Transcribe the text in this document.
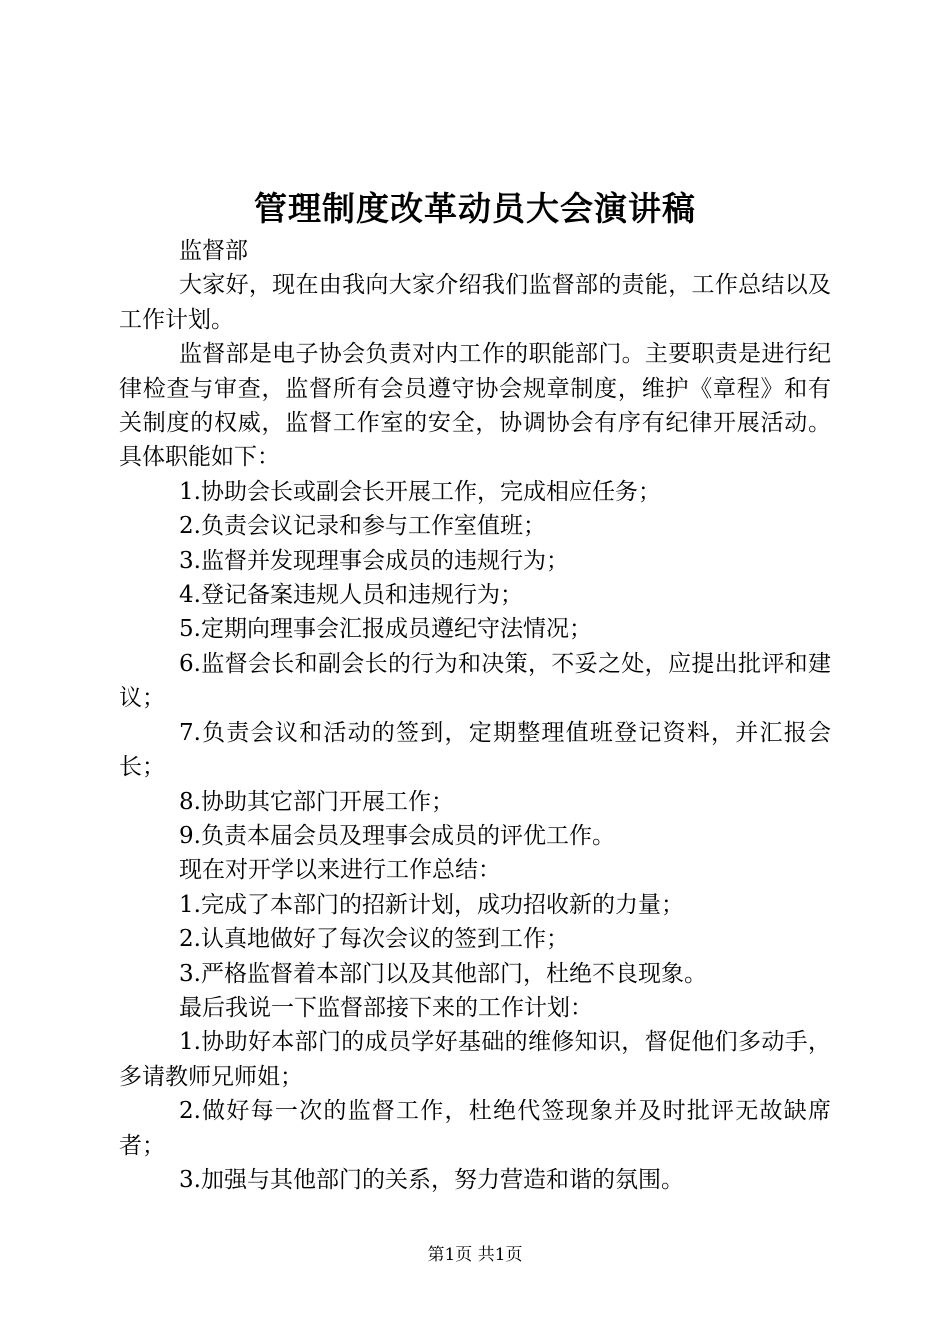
管理制度改革动员大会演讲稿

监督部

大家好，现在由我向大家介绍我们监督部的责能，工作总结以及工作计划。

监督部是电子协会负责对内工作的职能部门。主要职责是进行纪律检查与审查，监督所有会员遵守协会规章制度，维护《章程》和有关制度的权威，监督工作室的安全，协调协会有序有纪律开展活动。具体职能如下：

1.协助会长或副会长开展工作，完成相应任务；

2.负责会议记录和参与工作室值班；

3.监督并发现理事会成员的违规行为；

4.登记备案违规人员和违规行为；

5.定期向理事会汇报成员遵纪守法情况；

6.监督会长和副会长的行为和决策，不妥之处，应提出批评和建议；

7.负责会议和活动的签到，定期整理值班登记资料，并汇报会长；

8.协助其它部门开展工作；

9.负责本届会员及理事会成员的评优工作。

现在对开学以来进行工作总结：

1.完成了本部门的招新计划，成功招收新的力量；

2.认真地做好了每次会议的签到工作；

3.严格监督着本部门以及其他部门，杜绝不良现象。

最后我说一下监督部接下来的工作计划：

1.协助好本部门的成员学好基础的维修知识，督促他们多动手，多请教师兄师姐；

2.做好每一次的监督工作，杜绝代签现象并及时批评无故缺席者；

3.加强与其他部门的关系，努力营造和谐的氛围。

第1页 共1页
